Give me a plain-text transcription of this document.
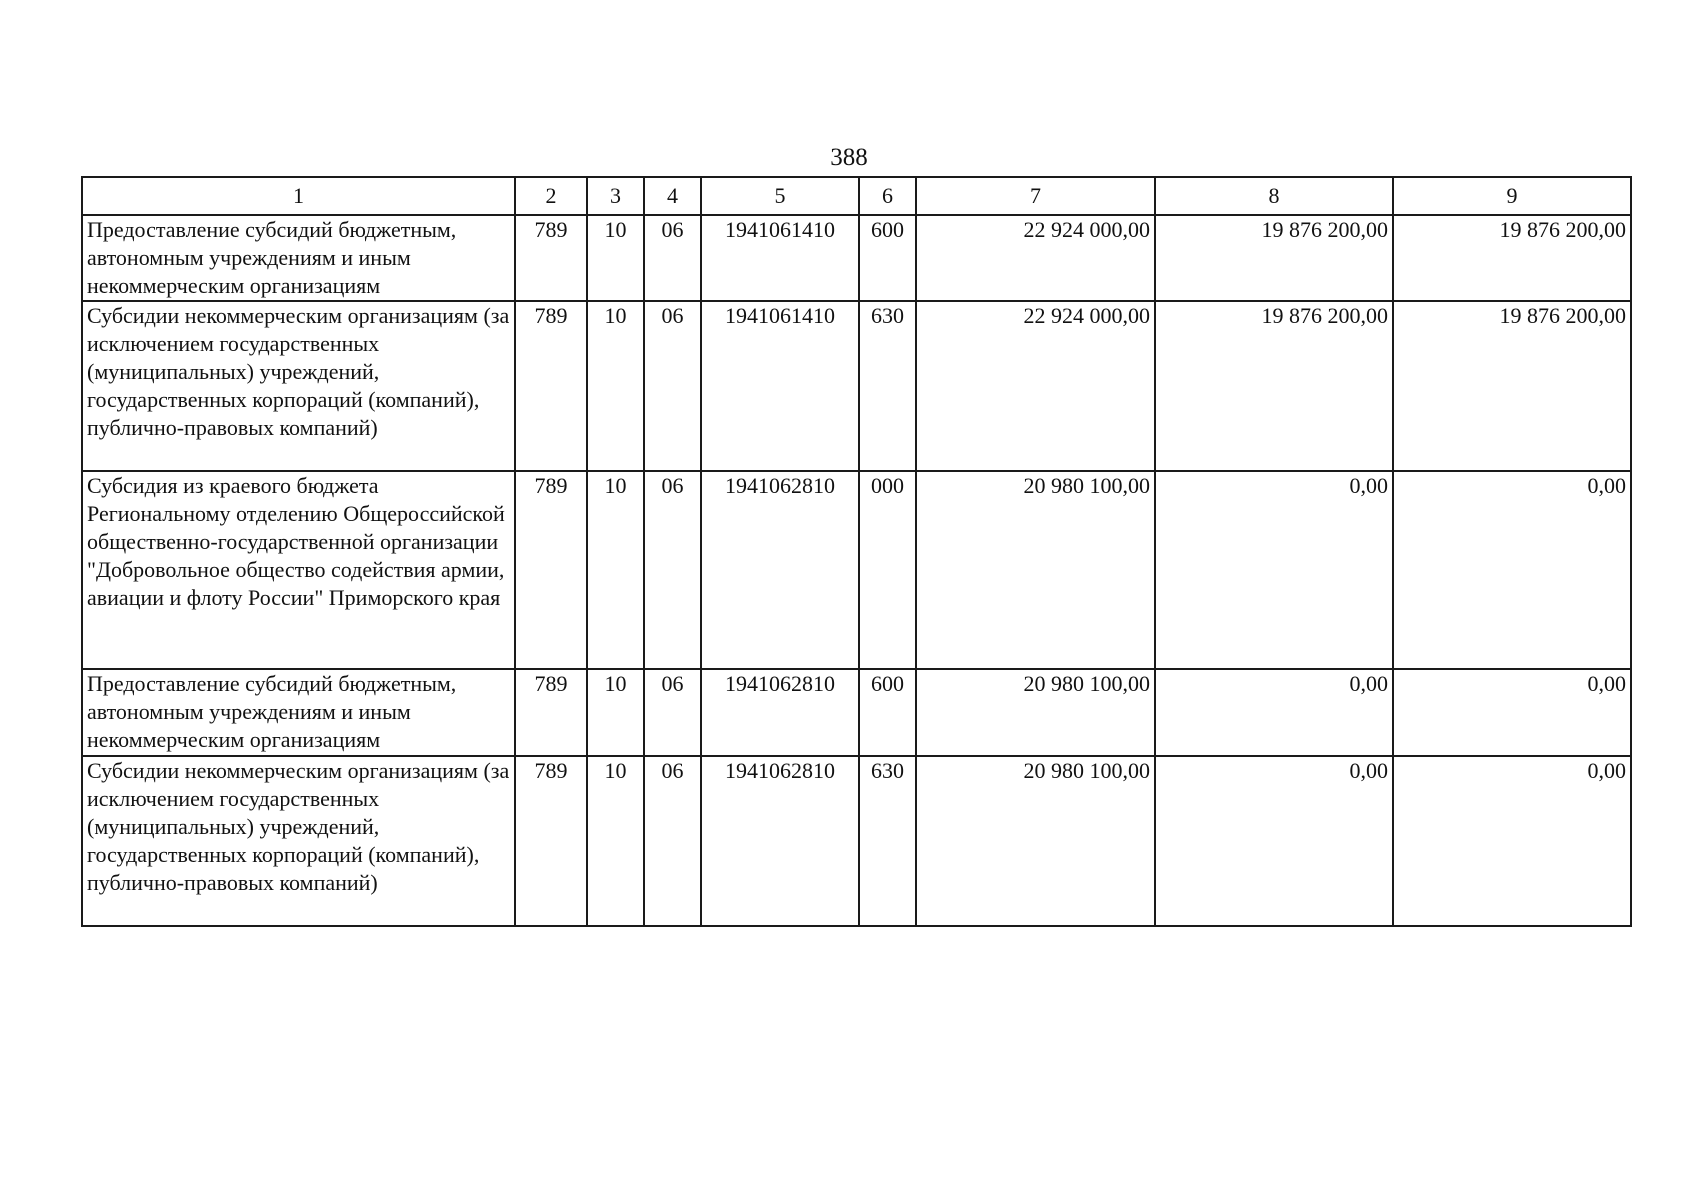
388
1	2	3	4	5	6	7	8	9
Предоставление субсидий бюджетным, автономным учреждениям и иным некоммерческим организациям	789	10	06	1941061410	600	22 924 000,00	19 876 200,00	19 876 200,00
Субсидии некоммерческим организациям (за исключением государственных (муниципальных) учреждений, государственных корпораций (компаний), публично-правовых компаний)	789	10	06	1941061410	630	22 924 000,00	19 876 200,00	19 876 200,00
Субсидия из краевого бюджета Региональному отделению Общероссийской общественно-государственной организации "Добровольное общество содействия армии, авиации и флоту России" Приморского края	789	10	06	1941062810	000	20 980 100,00	0,00	0,00
Предоставление субсидий бюджетным, автономным учреждениям и иным некоммерческим организациям	789	10	06	1941062810	600	20 980 100,00	0,00	0,00
Субсидии некоммерческим организациям (за исключением государственных (муниципальных) учреждений, государственных корпораций (компаний), публично-правовых компаний)	789	10	06	1941062810	630	20 980 100,00	0,00	0,00
